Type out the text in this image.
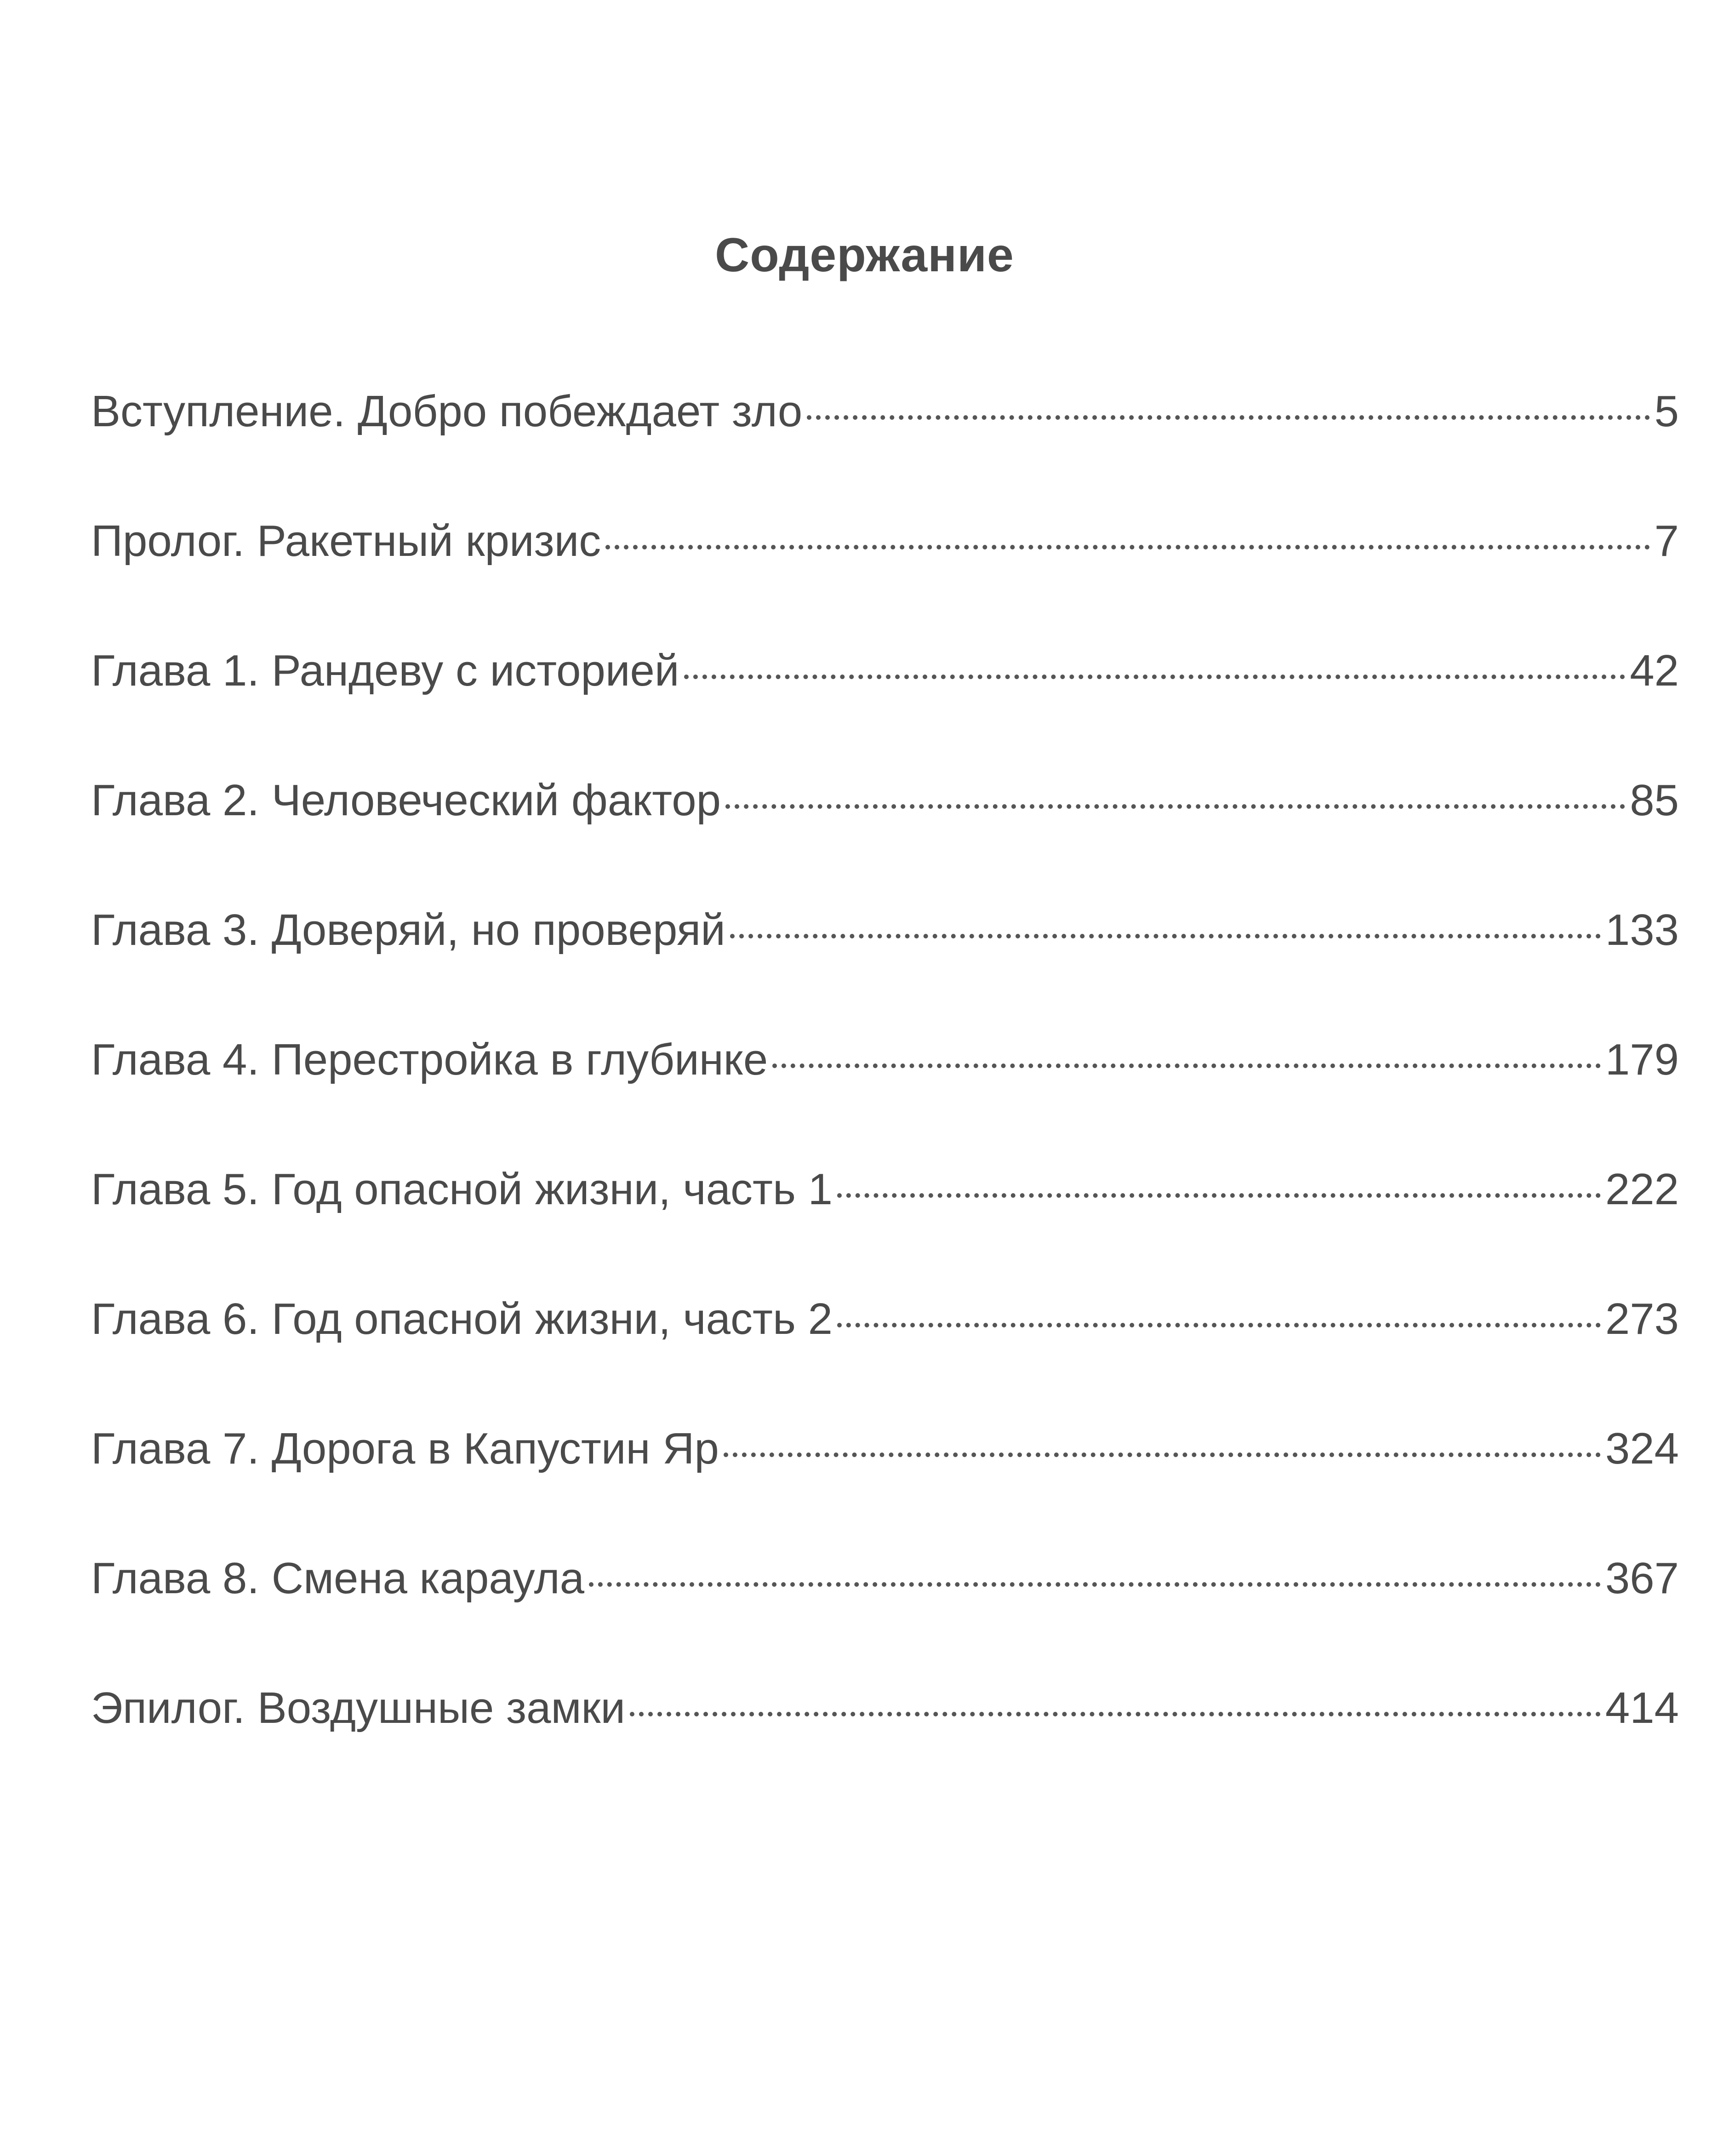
Содержание
Вступление. Добро побеждает зло	5
Пролог. Ракетный кризис	7
Глава 1. Рандеву с историей	42
Глава 2. Человеческий фактор	85
Глава 3. Доверяй, но проверяй	133
Глава 4. Перестройка в глубинке	179
Глава 5. Год опасной жизни, часть 1	222
Глава 6. Год опасной жизни, часть 2	273
Глава 7. Дорога в Капустин Яр	324
Глава 8. Смена караула	367
Эпилог. Воздушные замки	414
